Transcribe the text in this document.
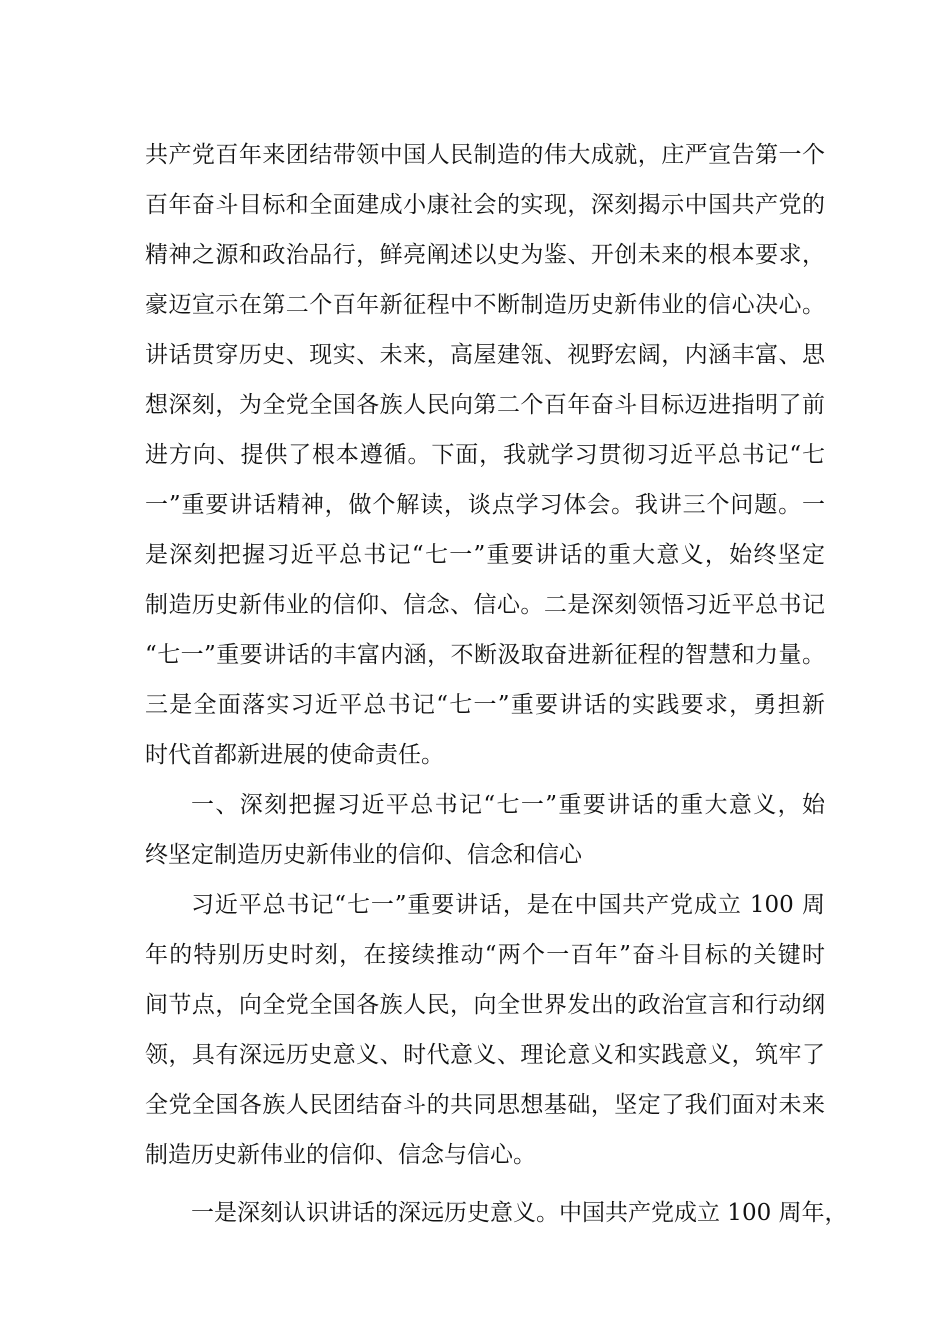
共产党百年来团结带领中国人民制造的伟大成就，庄严宣告第一个
百年奋斗目标和全面建成小康社会的实现，深刻揭示中国共产党的
精神之源和政治品行，鲜亮阐述以史为鉴、开创未来的根本要求，
豪迈宣示在第二个百年新征程中不断制造历史新伟业的信心决心。
讲话贯穿历史、现实、未来，高屋建瓴、视野宏阔，内涵丰富、思
想深刻，为全党全国各族人民向第二个百年奋斗目标迈进指明了前
进方向、提供了根本遵循。下面，我就学习贯彻习近平总书记“七
一”重要讲话精神，做个解读，谈点学习体会。我讲三个问题。一
是深刻把握习近平总书记“七一”重要讲话的重大意义，始终坚定
制造历史新伟业的信仰、信念、信心。二是深刻领悟习近平总书记
“七一”重要讲话的丰富内涵，不断汲取奋进新征程的智慧和力量。
三是全面落实习近平总书记“七一”重要讲话的实践要求，勇担新
时代首都新进展的使命责任。
一、深刻把握习近平总书记“七一”重要讲话的重大意义，始
终坚定制造历史新伟业的信仰、信念和信心
习近平总书记“七一”重要讲话，是在中国共产党成立 100 周
年的特别历史时刻，在接续推动“两个一百年”奋斗目标的关键时
间节点，向全党全国各族人民，向全世界发出的政治宣言和行动纲
领，具有深远历史意义、时代意义、理论意义和实践意义，筑牢了
全党全国各族人民团结奋斗的共同思想基础，坚定了我们面对未来
制造历史新伟业的信仰、信念与信心。
一是深刻认识讲话的深远历史意义。中国共产党成立 100 周年，
